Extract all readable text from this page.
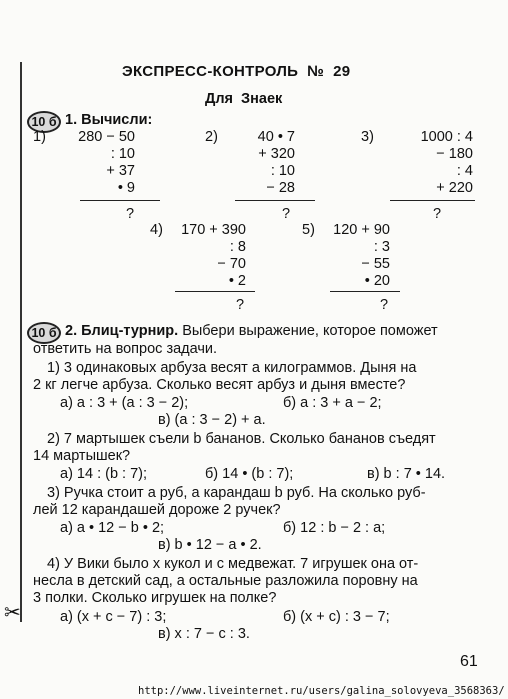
ЭКСПРЕСС-КОНТРОЛЬ  №  29
Для  Знаек
10 б 1. Вычисли:
1)	280 − 50
: 10
+ 37
• 9
?
2)	40 • 7
+ 320
: 10
− 28
?
3)	1000 : 4
− 180
: 4
+ 220
?
4)	170 + 390
: 8
− 70
• 2
?
5)	120 + 90
: 3
− 55
• 20
?
10 б 2. Блиц-турнир. Выбери выражение, которое поможет
ответить на вопрос задачи.
1) 3 одинаковых арбуза весят а килограммов. Дыня на
2 кг легче арбуза. Сколько весят арбуз и дыня вместе?
а) а : 3 + (а : 3 − 2);	б) а : 3 + а − 2;
в) (а : 3 − 2) + а.
2) 7 мартышек съели b бананов. Сколько бананов съедят
14 мартышек?
а) 14 : (b : 7);	б) 14 • (b : 7);	в) b : 7 • 14.
3) Ручка стоит а руб, а карандаш b руб. На сколько руб-
лей 12 карандашей дороже 2 ручек?
а) а • 12 − b • 2;	б) 12 : b − 2 : а;
в) b • 12 − а • 2.
4) У Вики было х кукол и с медвежат. 7 игрушек она от-
несла в детский сад, а остальные разложила поровну на
3 полки. Сколько игрушек на полке?
а) (х + с − 7) : 3;	б) (х + с) : 3 − 7;
в) х : 7 − с : 3.
✂
61
http://www.liveinternet.ru/users/galina_solovyeva_3568363/
